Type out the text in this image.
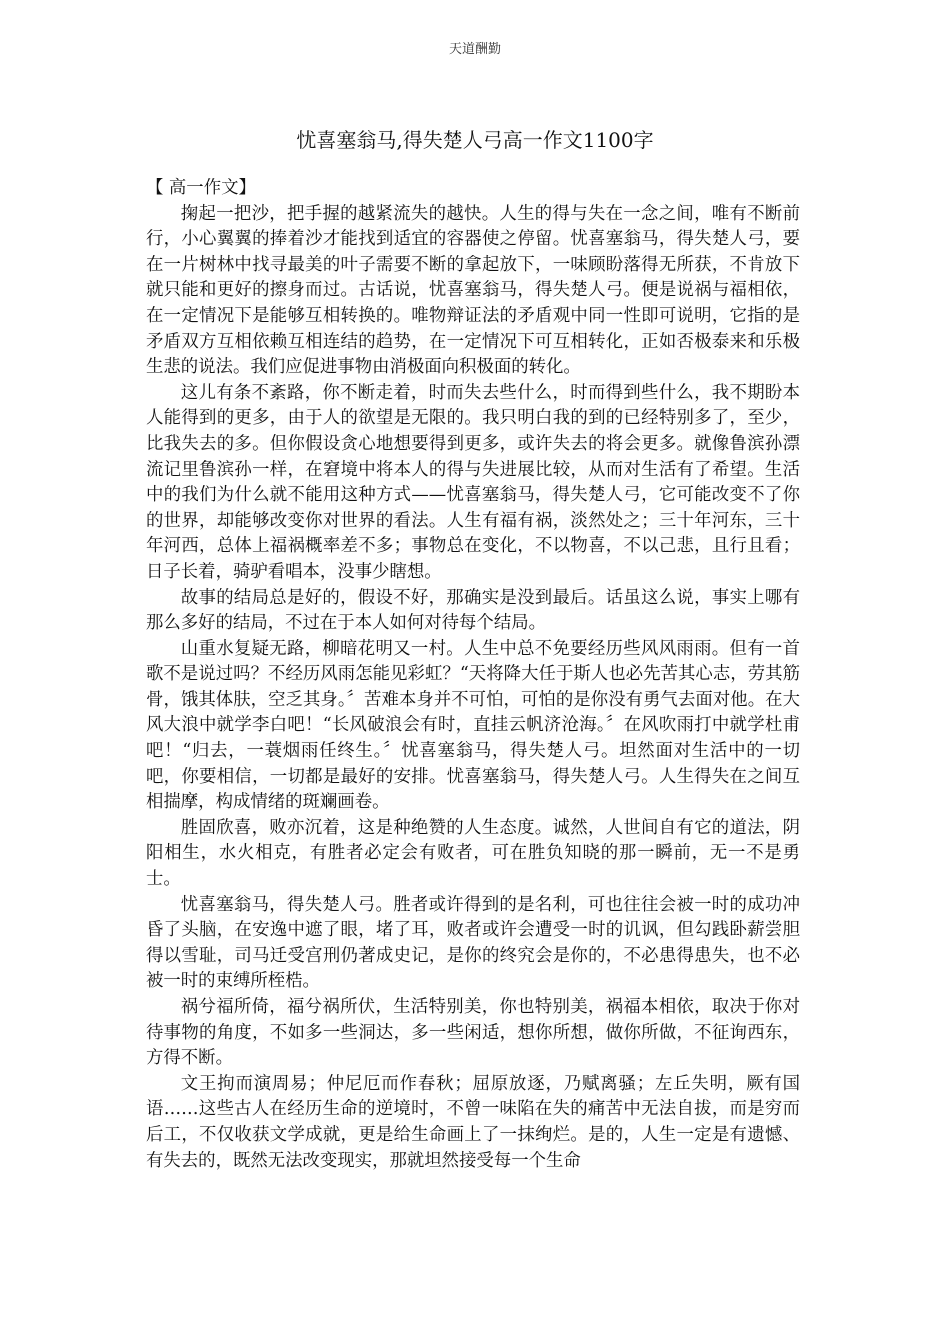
天道酬勤
忧喜塞翁马,得失楚人弓高一作文1100字

【 高一作文】

掬起一把沙，把手握的越紧流失的越快。人生的得与失在一念之间，唯有不断前行，小心翼翼的捧着沙才能找到适宜的容器使之停留。忧喜塞翁马，得失楚人弓，要在一片树林中找寻最美的叶子需要不断的拿起放下，一味顾盼落得无所获，不肯放下就只能和更好的擦身而过。古话说，忧喜塞翁马，得失楚人弓。便是说祸与福相依，在一定情况下是能够互相转换的。唯物辩证法的矛盾观中同一性即可说明，它指的是矛盾双方互相依赖互相连结的趋势，在一定情况下可互相转化，正如否极泰来和乐极生悲的说法。我们应促进事物由消极面向积极面的转化。

这儿有条不紊路，你不断走着，时而失去些什么，时而得到些什么，我不期盼本人能得到的更多，由于人的欲望是无限的。我只明白我的到的已经特别多了，至少，比我失去的多。但你假设贪心地想要得到更多，或许失去的将会更多。就像鲁滨孙漂流记里鲁滨孙一样，在窘境中将本人的得与失进展比较，从而对生活有了希望。生活中的我们为什么就不能用这种方式——忧喜塞翁马，得失楚人弓，它可能改变不了你的世界，却能够改变你对世界的看法。人生有福有祸，淡然处之；三十年河东，三十年河西，总体上福祸概率差不多；事物总在变化，不以物喜，不以己悲，且行且看；日子长着，骑驴看唱本，没事少瞎想。

故事的结局总是好的，假设不好，那确实是没到最后。话虽这么说，事实上哪有那么多好的结局，不过在于本人如何对待每个结局。

山重水复疑无路，柳暗花明又一村。人生中总不免要经历些风风雨雨。但有一首歌不是说过吗？不经历风雨怎能见彩虹？“天将降大任于斯人也必先苦其心志，劳其筋骨，饿其体肤，空乏其身。〞苦难本身并不可怕，可怕的是你没有勇气去面对他。在大风大浪中就学李白吧！“长风破浪会有时，直挂云帆济沧海。〞在风吹雨打中就学杜甫吧！“归去，一蓑烟雨任终生。〞忧喜塞翁马，得失楚人弓。坦然面对生活中的一切吧，你要相信，一切都是最好的安排。忧喜塞翁马，得失楚人弓。人生得失在之间互相揣摩，构成情绪的斑斓画卷。

胜固欣喜，败亦沉着，这是种绝赞的人生态度。诚然，人世间自有它的道法，阴阳相生，水火相克，有胜者必定会有败者，可在胜负知晓的那一瞬前，无一不是勇士。

忧喜塞翁马，得失楚人弓。胜者或许得到的是名利，可也往往会被一时的成功冲昏了头脑，在安逸中遮了眼，堵了耳，败者或许会遭受一时的讥讽，但勾践卧薪尝胆得以雪耻，司马迁受宫刑仍著成史记，是你的终究会是你的，不必患得患失，也不必被一时的束缚所桎梏。

祸兮福所倚，福兮祸所伏，生活特别美，你也特别美，祸福本相依，取决于你对待事物的角度，不如多一些洞达，多一些闲适，想你所想，做你所做，不征询西东，方得不断。

文王拘而演周易；仲尼厄而作春秋；屈原放逐，乃赋离骚；左丘失明，厥有国语……这些古人在经历生命的逆境时，不曾一味陷在失的痛苦中无法自拔，而是穷而后工，不仅收获文学成就，更是给生命画上了一抹绚烂。是的，人生一定是有遗憾、有失去的，既然无法改变现实，那就坦然接受每一个生命
